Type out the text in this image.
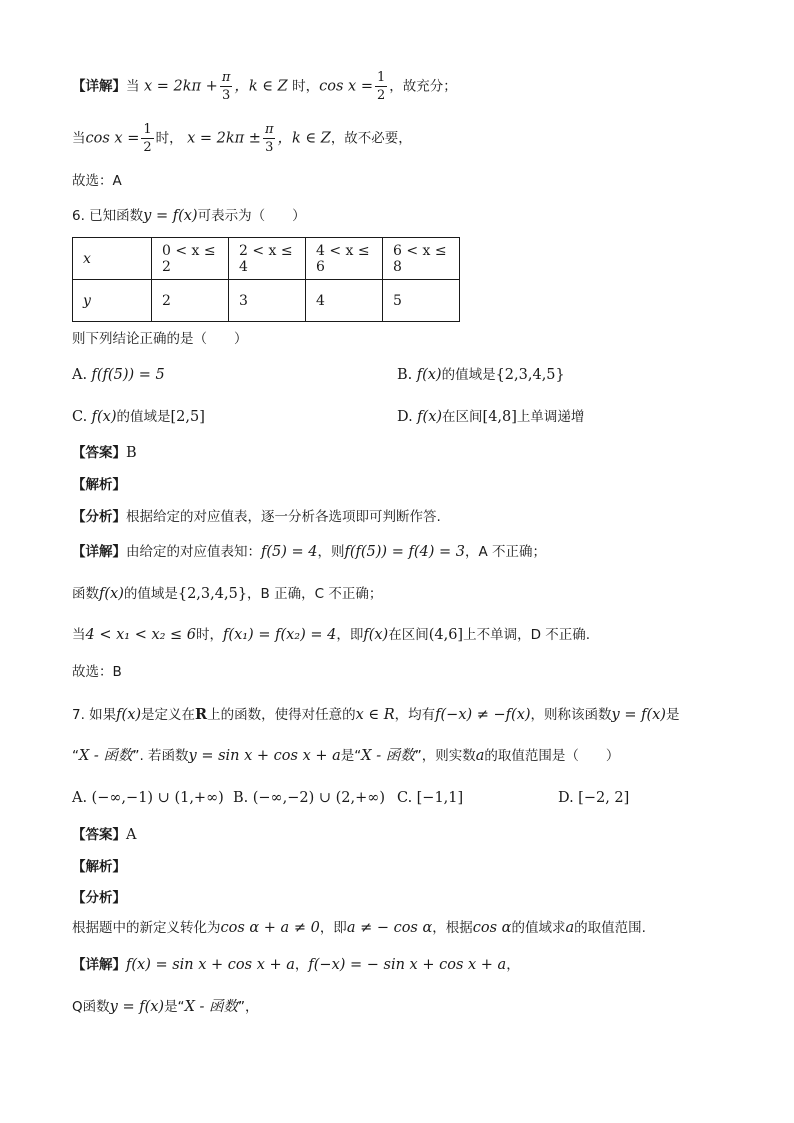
【详解】当 $x = 2k\pi + \frac{\pi}{3}$ ，k ∈ Z 时，$\cos x = \frac{1}{2}$ ，故充分；
当$\cos x = \frac{1}{2}$ 时， $x = 2k\pi \pm \frac{\pi}{3}$ ，k ∈ Z，故不必要，
故选：A
6. 已知函数y = f(x)可表示为（　　）
x	0 < x ≤ 2	2 < x ≤ 4	4 < x ≤ 6	6 < x ≤ 8
y	2	3	4	5
则下列结论正确的是（　　）
A. f(f(5)) = 5	B. f(x)的值域是{2,3,4,5}
C. f(x)的值域是[2,5]	D. f(x)在区间[4,8]上单调递增
【答案】B
【解析】
【分析】根据给定的对应值表，逐一分析各选项即可判断作答.
【详解】由给定的对应值表知：f(5) = 4，则f(f(5)) = f(4) = 3，A 不正确；
函数f(x)的值域是{2,3,4,5}，B 正确，C 不正确；
当4 < x₁ < x₂ ≤ 6时，f(x₁) = f(x₂) = 4，即f(x)在区间(4,6]上不单调，D 不正确.
故选：B
7. 如果f(x)是定义在R上的函数，使得对任意的x ∈ R，均有f(−x) ≠ −f(x)，则称该函数y = f(x)是
“X - 函数”. 若函数y = sin x + cos x + a是“X - 函数”，则实数a的取值范围是（　　）
A. (−∞,−1) ∪ (1,+∞) B. (−∞,−2) ∪ (2,+∞) C. [−1,1]	D. [−2, 2]
【答案】A
【解析】
【分析】
根据题中的新定义转化为cos α + a ≠ 0，即a ≠ − cos α，根据cos α的值域求a的取值范围.
【详解】f(x) = sin x + cos x + a，f(−x) = − sin x + cos x + a，
Q函数y = f(x)是“X - 函数”，
